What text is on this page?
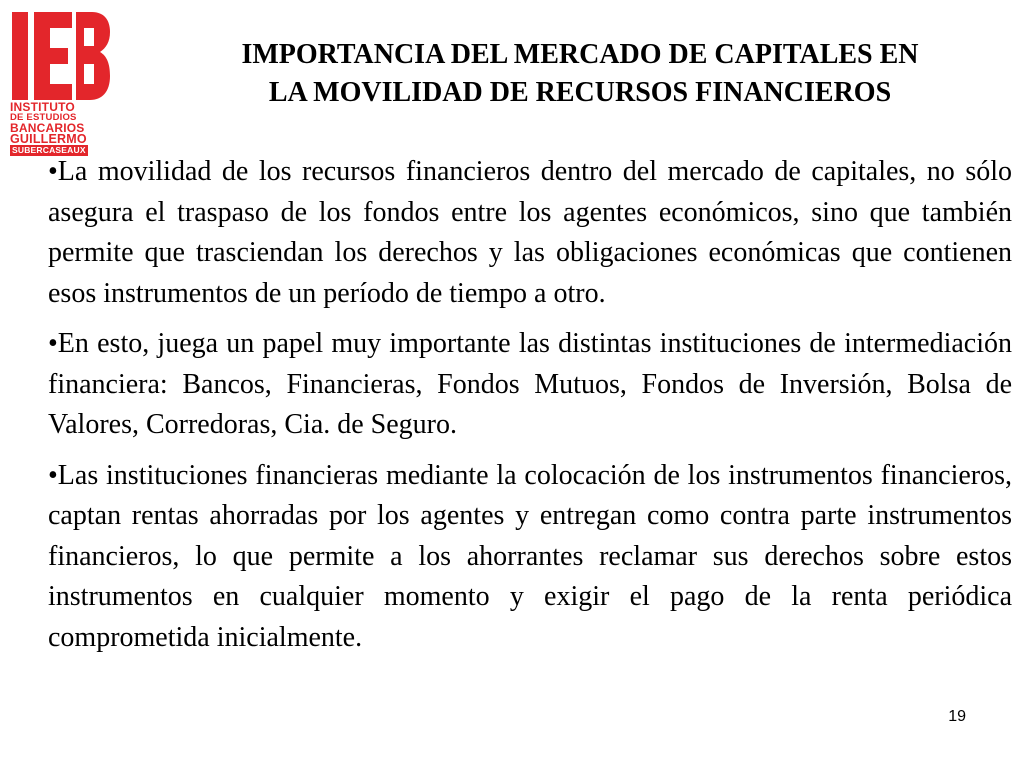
INSTITUTO
DE ESTUDIOS
BANCARIOS
GUILLERMO
SUBERCASEAUX
IMPORTANCIA DEL MERCADO DE CAPITALES EN
LA MOVILIDAD DE RECURSOS FINANCIEROS

•La movilidad de los recursos financieros dentro del mercado de capitales, no sólo asegura el traspaso de los fondos entre los agentes económicos, sino que también permite que trasciendan los derechos y las obligaciones económicas que contienen esos instrumentos de un período de tiempo a otro.

•En esto, juega un papel muy importante las distintas instituciones de intermediación financiera: Bancos, Financieras, Fondos Mutuos, Fondos de Inversión, Bolsa de Valores, Corredoras, Cia. de Seguro.

•Las instituciones financieras mediante la colocación de los instrumentos financieros, captan rentas ahorradas por los agentes y entregan como contra parte instrumentos financieros, lo que permite a los ahorrantes reclamar sus derechos sobre estos instrumentos en cualquier momento y exigir el pago de la renta periódica comprometida inicialmente.

19
